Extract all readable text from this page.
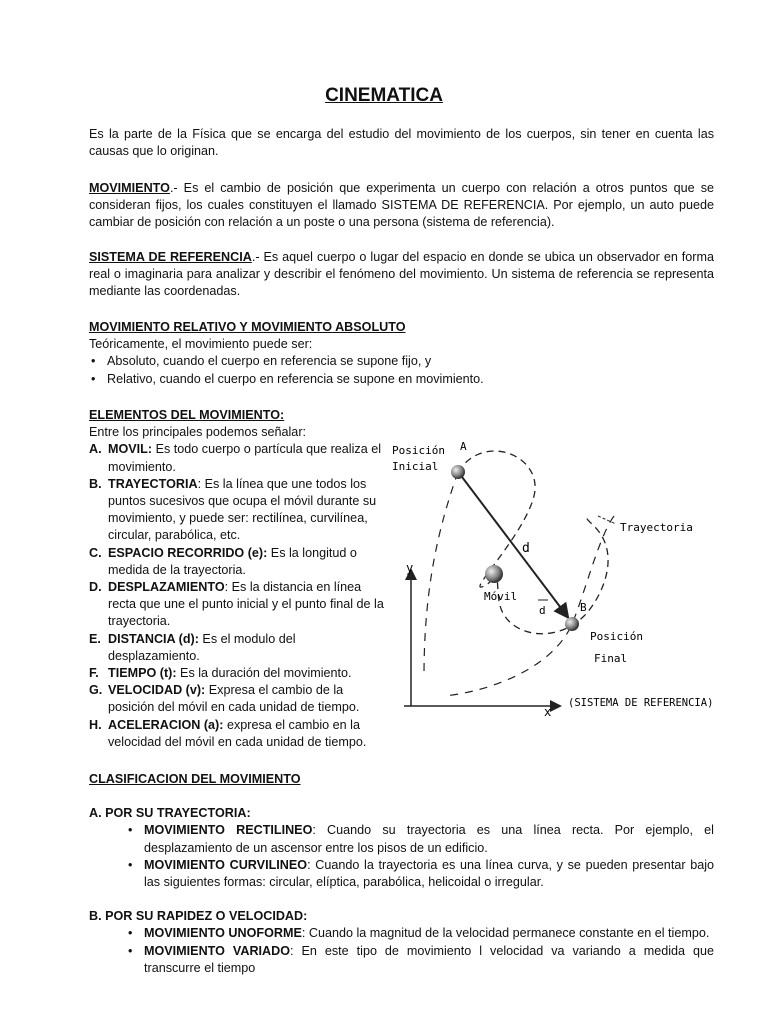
CINEMATICA

Es la parte de la Física que se encarga del estudio del movimiento de los cuerpos, sin tener en cuenta las causas que lo originan.

MOVIMIENTO.- Es el cambio de posición que experimenta un cuerpo con relación a otros puntos que se consideran fijos, los cuales constituyen el llamado SISTEMA DE REFERENCIA. Por ejemplo, un auto puede cambiar de posición con relación a un poste o una persona (sistema de referencia).

SISTEMA DE REFERENCIA.- Es aquel cuerpo o lugar del espacio en donde se ubica un observador en forma real o imaginaria para analizar y describir el fenómeno del movimiento. Un sistema de referencia se representa mediante las coordenadas.

MOVIMIENTO RELATIVO Y MOVIMIENTO ABSOLUTO
Teóricamente, el movimiento puede ser:
• Absoluto, cuando el cuerpo en referencia se supone fijo, y
• Relativo, cuando el cuerpo en referencia se supone en movimiento.
ELEMENTOS DEL MOVIMIENTO:
Entre los principales podemos señalar:
A. MOVIL: Es todo cuerpo o partícula que realiza el movimiento.
B. TRAYECTORIA: Es la línea que une todos los puntos sucesivos que ocupa el móvil durante su movimiento, y puede ser: rectilínea, curvilínea, circular, parabólica, etc.
C. ESPACIO RECORRIDO (e): Es la longitud o medida de la trayectoria.
D. DESPLAZAMIENTO: Es la distancia en línea recta que une el punto inicial y el punto final de la trayectoria.
E. DISTANCIA (d): Es el modulo del desplazamiento.
F. TIEMPO (t): Es la duración del movimiento.
G. VELOCIDAD (v): Expresa el cambio de la posición del móvil en cada unidad de tiempo.
H. ACELERACION (a): expresa el cambio en la velocidad del móvil en cada unidad de tiempo.
y
x
Posición
Inicial
A
B
Trayectoria
d
d
Móvil
Posición
Final
(SISTEMA DE REFERENCIA)
CLASIFICACION DEL MOVIMIENTO
A. POR SU TRAYECTORIA:
• MOVIMIENTO RECTILINEO: Cuando su trayectoria es una línea recta. Por ejemplo, el desplazamiento de un ascensor entre los pisos de un edificio.
• MOVIMIENTO CURVILINEO: Cuando la trayectoria es una línea curva, y se pueden presentar bajo las siguientes formas: circular, elíptica, parabólica, helicoidal o irregular.
B. POR SU RAPIDEZ O VELOCIDAD:
• MOVIMIENTO UNOFORME: Cuando la magnitud de la velocidad permanece constante en el tiempo.
• MOVIMIENTO VARIADO: En este tipo de movimiento l velocidad va variando a medida que transcurre el tiempo
